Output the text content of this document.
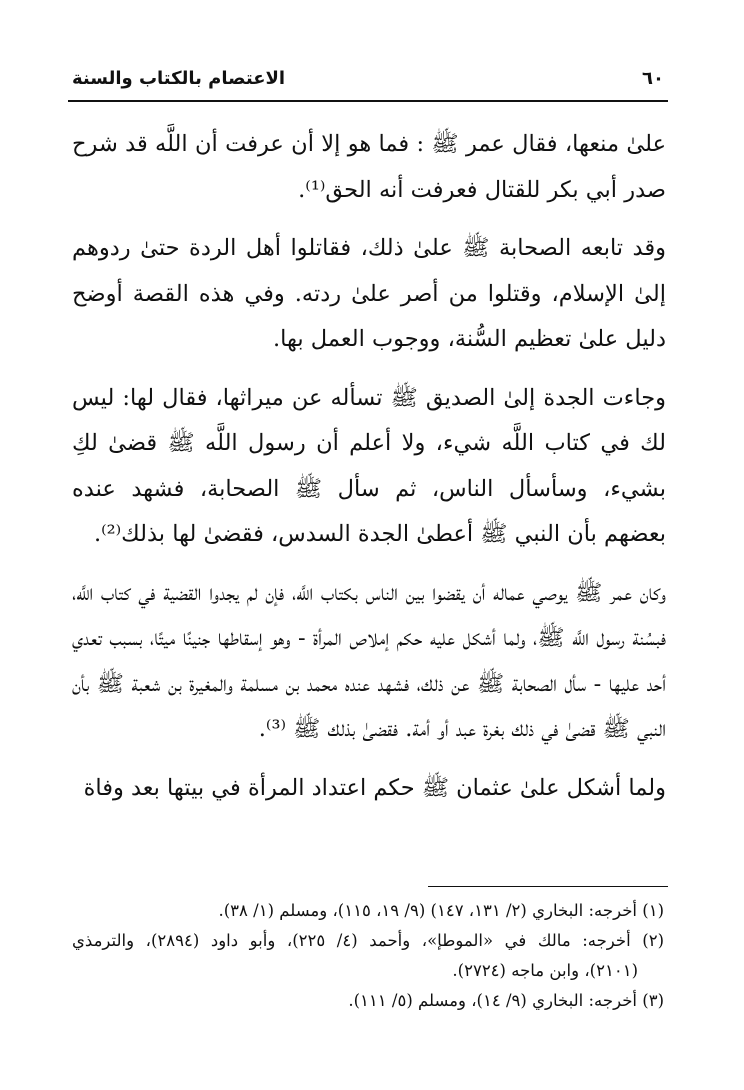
٦٠
الاعتصام بالكتاب والسنة

علىٰ منعها، فقال عمر ﷺ : فما هو إلا أن عرفت أن اللَّه قد شرح صدر أبي بكر للقتال فعرفت أنه الحق⁽¹⁾.

وقد تابعه الصحابة ﷺ علىٰ ذلك، فقاتلوا أهل الردة حتىٰ ردوهم إلىٰ الإسلام، وقتلوا من أصر علىٰ ردته. وفي هذه القصة أوضح دليل علىٰ تعظيم السُّنة، ووجوب العمل بها.

وجاءت الجدة إلىٰ الصديق ﷺ تسأله عن ميراثها، فقال لها: ليس لك في كتاب اللَّه شيء، ولا أعلم أن رسول اللَّه ﷺ قضىٰ لكِ بشيء، وسأسأل الناس، ثم سأل ﷺ الصحابة، فشهد عنده بعضهم بأن النبي ﷺ أعطىٰ الجدة السدس، فقضىٰ لها بذلك⁽²⁾.

وكان عمر ﷺ يوصي عماله أن يقضوا بين الناس بكتاب اللَّه، فإن لم يجدوا القضية في كتاب اللَّه، فبسُنة رسول اللَّه ﷺ، ولما أشكل عليه حكم إملاص المرأة - وهو إسقاطها جنينًا ميتًا، بسبب تعدي أحد عليها - سأل الصحابة ﷺ عن ذلك، فشهد عنده محمد بن مسلمة والمغيرة بن شعبة ﷺ بأن النبي ﷺ قضىٰ في ذلك بغرة عبد أو أمة. فقضىٰ بذلك ﷺ ⁽³⁾.

ولما أشكل علىٰ عثمان ﷺ حكم اعتداد المرأة في بيتها بعد وفاة

(١) أخرجه: البخاري (٢/ ١٣١، ١٤٧) (٩/ ١٩، ١١٥)، ومسلم (١/ ٣٨).

(٢) أخرجه: مالك في «الموطإ»، وأحمد (٤/ ٢٢٥)، وأبو داود (٢٨٩٤)، والترمذي (٢١٠١)، وابن ماجه (٢٧٢٤).

(٣) أخرجه: البخاري (٩/ ١٤)، ومسلم (٥/ ١١١).
